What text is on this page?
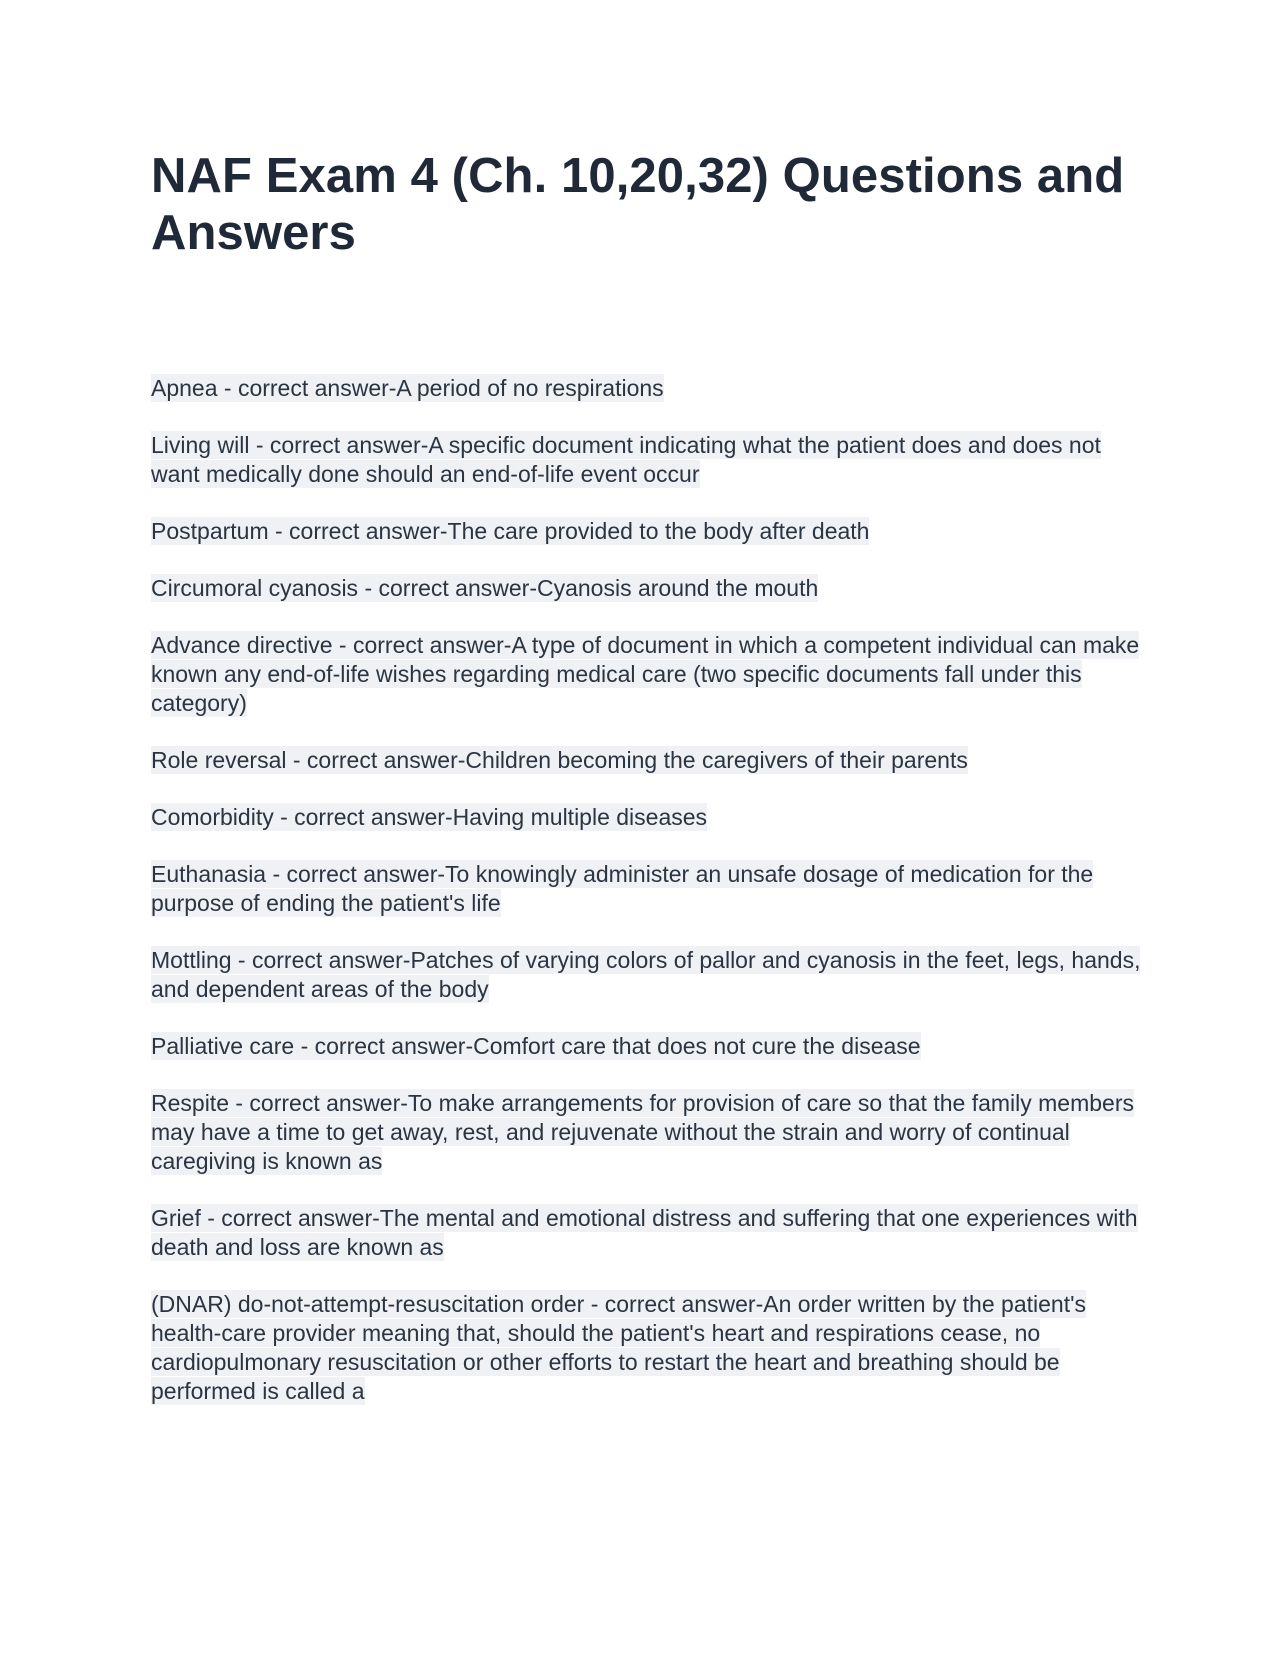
NAF Exam 4 (Ch. 10,20,32) Questions and Answers

Apnea - correct answer-A period of no respirations

Living will - correct answer-A specific document indicating what the patient does and does not want medically done should an end-of-life event occur

Postpartum - correct answer-The care provided to the body after death

Circumoral cyanosis - correct answer-Cyanosis around the mouth

Advance directive - correct answer-A type of document in which a competent individual can make known any end-of-life wishes regarding medical care (two specific documents fall under this category)

Role reversal - correct answer-Children becoming the caregivers of their parents

Comorbidity - correct answer-Having multiple diseases

Euthanasia - correct answer-To knowingly administer an unsafe dosage of medication for the purpose of ending the patient's life

Mottling - correct answer-Patches of varying colors of pallor and cyanosis in the feet, legs, hands, and dependent areas of the body

Palliative care - correct answer-Comfort care that does not cure the disease

Respite - correct answer-To make arrangements for provision of care so that the family members may have a time to get away, rest, and rejuvenate without the strain and worry of continual caregiving is known as

Grief - correct answer-The mental and emotional distress and suffering that one experiences with death and loss are known as

(DNAR) do-not-attempt-resuscitation order - correct answer-An order written by the patient's health-care provider meaning that, should the patient's heart and respirations cease, no cardiopulmonary resuscitation or other efforts to restart the heart and breathing should be performed is called a
